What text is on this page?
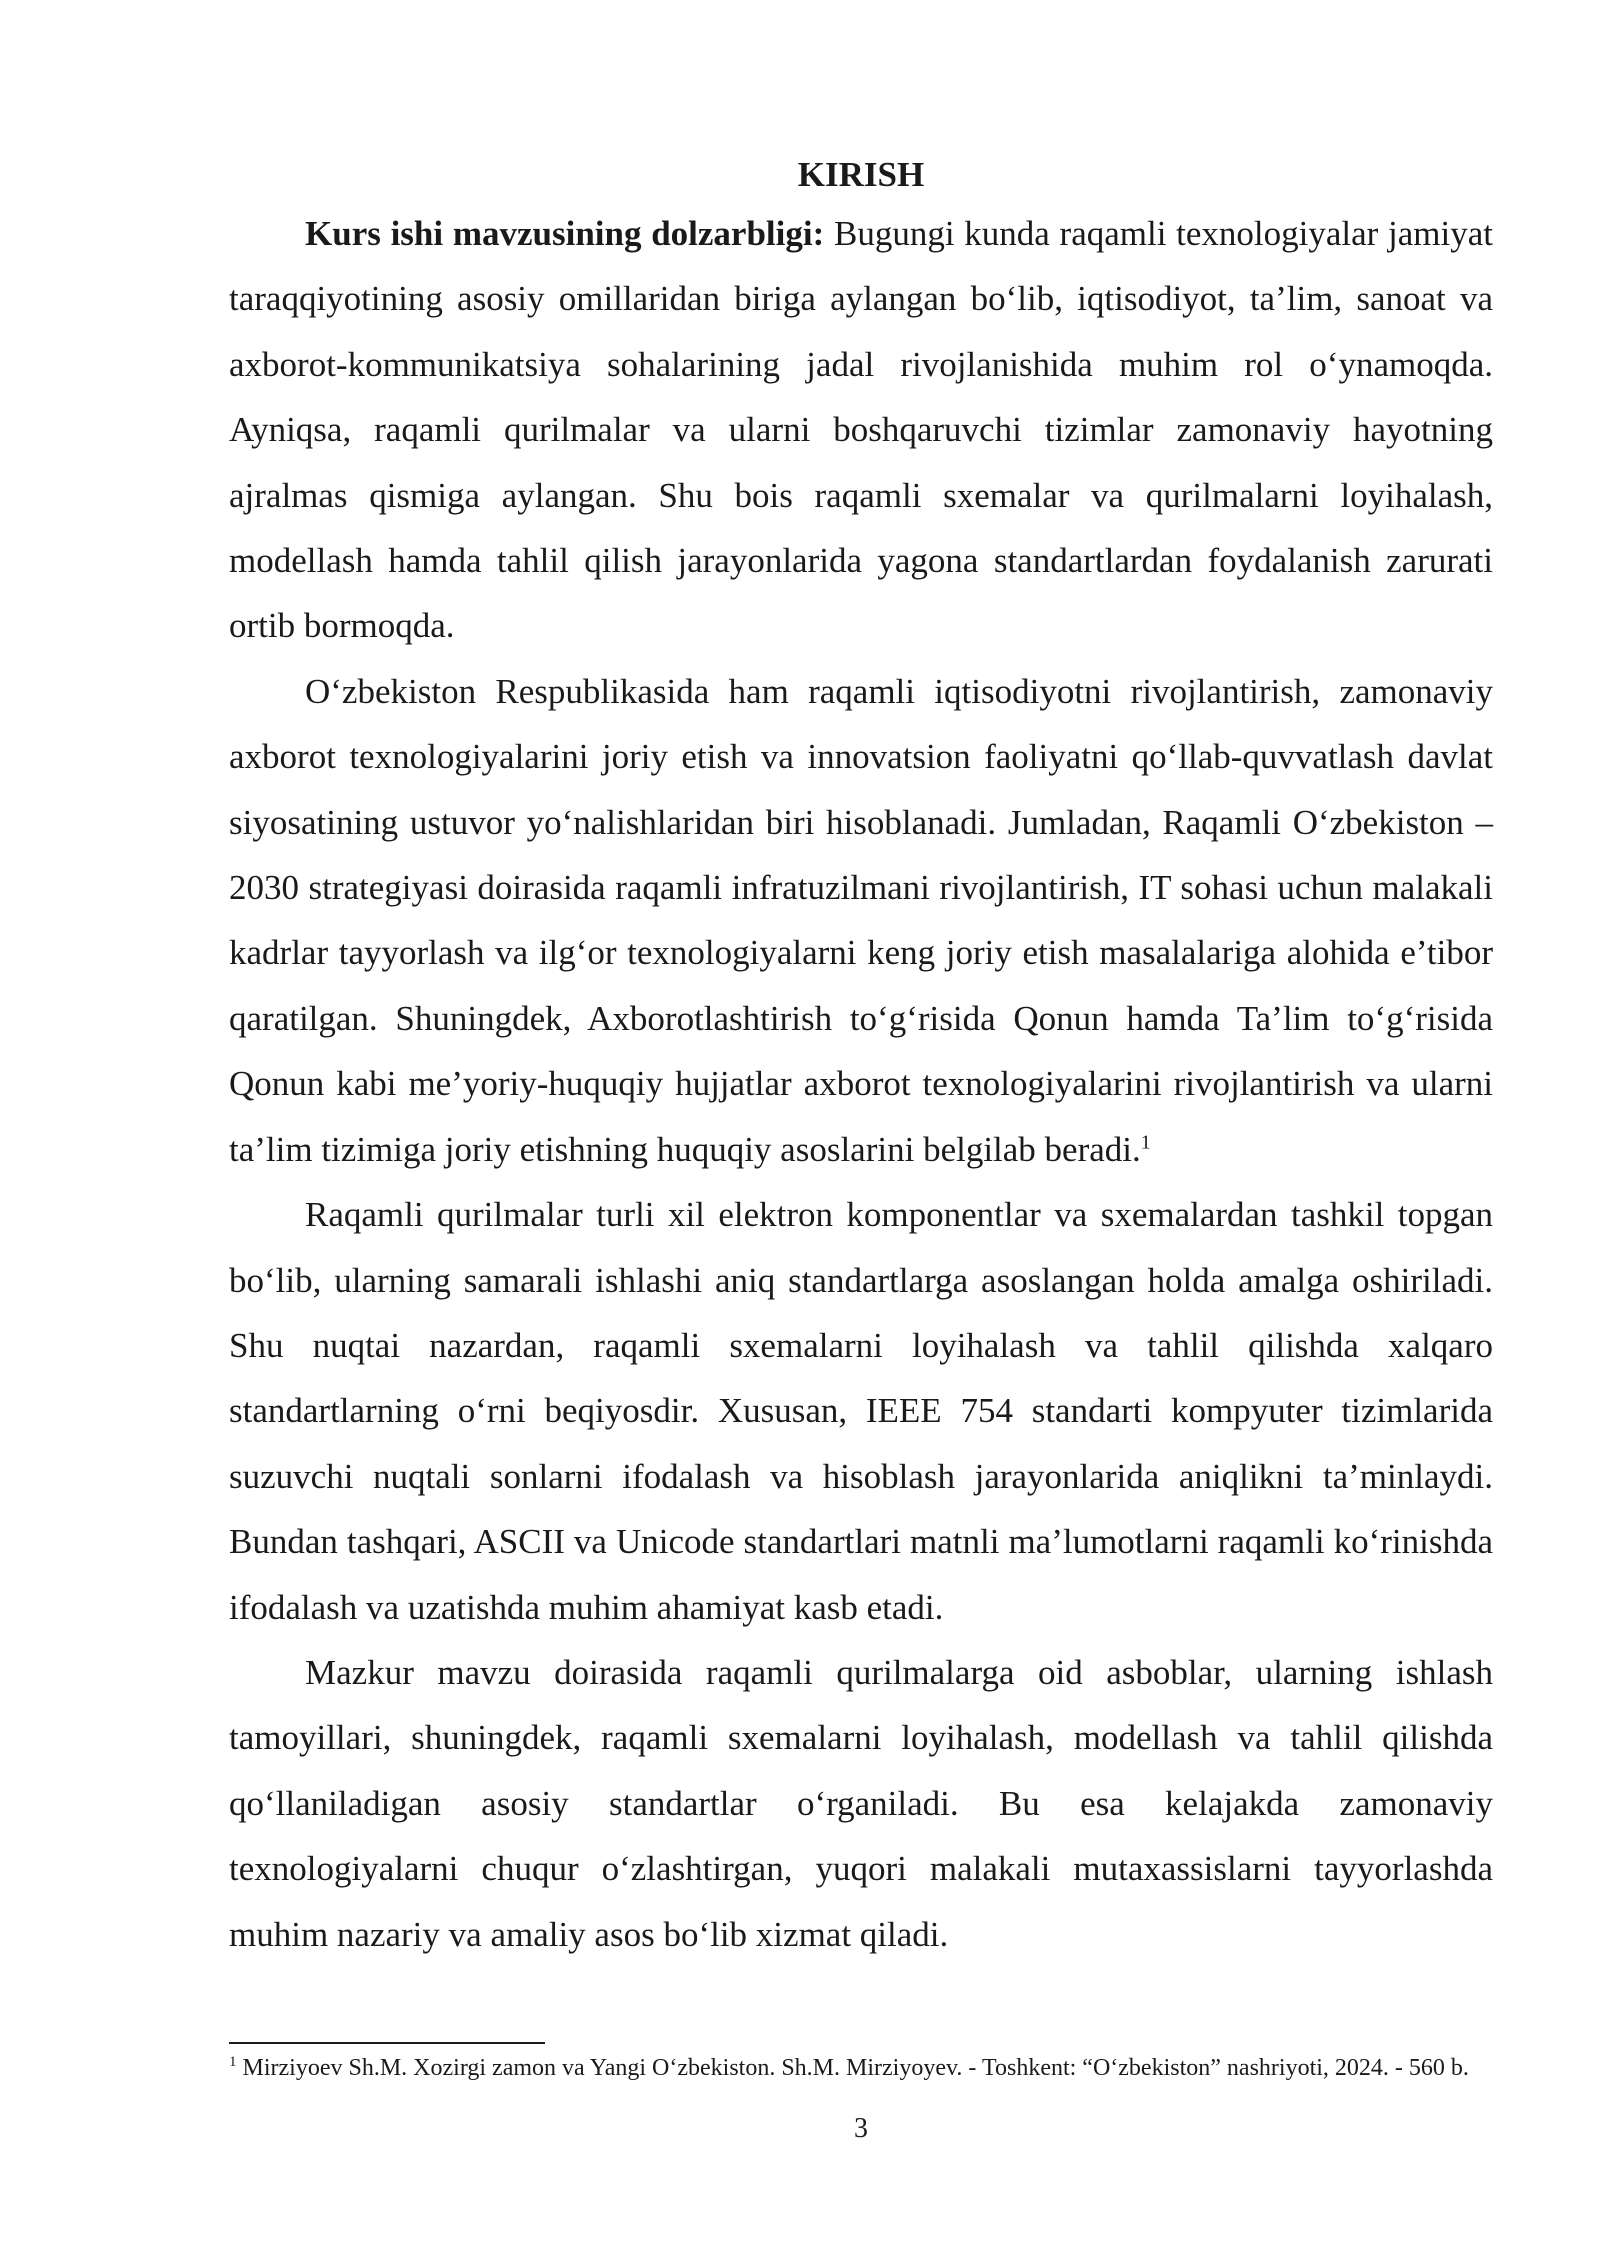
KIRISH

Kurs ishi mavzusining dolzarbligi: Bugungi kunda raqamli texnologiyalar jamiyat taraqqiyotining asosiy omillaridan biriga aylangan bo‘lib, iqtisodiyot, ta’lim, sanoat va axborot-kommunikatsiya sohalarining jadal rivojlanishida muhim rol o‘ynamoqda. Ayniqsa, raqamli qurilmalar va ularni boshqaruvchi tizimlar zamonaviy hayotning ajralmas qismiga aylangan. Shu bois raqamli sxemalar va qurilmalarni loyihalash, modellash hamda tahlil qilish jarayonlarida yagona standartlardan foydalanish zarurati ortib bormoqda.

O‘zbekiston Respublikasida ham raqamli iqtisodiyotni rivojlantirish, zamonaviy axborot texnologiyalarini joriy etish va innovatsion faoliyatni qo‘llab-quvvatlash davlat siyosatining ustuvor yo‘nalishlaridan biri hisoblanadi. Jumladan, Raqamli O‘zbekiston – 2030 strategiyasi doirasida raqamli infratuzilmani rivojlantirish, IT sohasi uchun malakali kadrlar tayyorlash va ilg‘or texnologiyalarni keng joriy etish masalalariga alohida e’tibor qaratilgan. Shuningdek, Axborotlashtirish to‘g‘risida Qonun hamda Ta’lim to‘g‘risida Qonun kabi me’yoriy-huquqiy hujjatlar axborot texnologiyalarini rivojlantirish va ularni ta’lim tizimiga joriy etishning huquqiy asoslarini belgilab beradi.$^1$

Raqamli qurilmalar turli xil elektron komponentlar va sxemalardan tashkil topgan bo‘lib, ularning samarali ishlashi aniq standartlarga asoslangan holda amalga oshiriladi. Shu nuqtai nazardan, raqamli sxemalarni loyihalash va tahlil qilishda xalqaro standartlarning o‘rni beqiyosdir. Xususan, IEEE 754 standarti kompyuter tizimlarida suzuvchi nuqtali sonlarni ifodalash va hisoblash jarayonlarida aniqlikni ta’minlaydi. Bundan tashqari, ASCII va Unicode standartlari matnli ma’lumotlarni raqamli ko‘rinishda ifodalash va uzatishda muhim ahamiyat kasb etadi.

Mazkur mavzu doirasida raqamli qurilmalarga oid asboblar, ularning ishlash tamoyillari, shuningdek, raqamli sxemalarni loyihalash, modellash va tahlil qilishda qo‘llaniladigan asosiy standartlar o‘rganiladi. Bu esa kelajakda zamonaviy texnologiyalarni chuqur o‘zlashtirgan, yuqori malakali mutaxassislarni tayyorlashda muhim nazariy va amaliy asos bo‘lib xizmat qiladi.

$^1$ Mirziyoev Sh.M. Xozirgi zamon va Yangi O‘zbekiston. Sh.M. Mirziyoyev. - Toshkent: “O‘zbekiston” nashriyoti, 2024. - 560 b.

3
